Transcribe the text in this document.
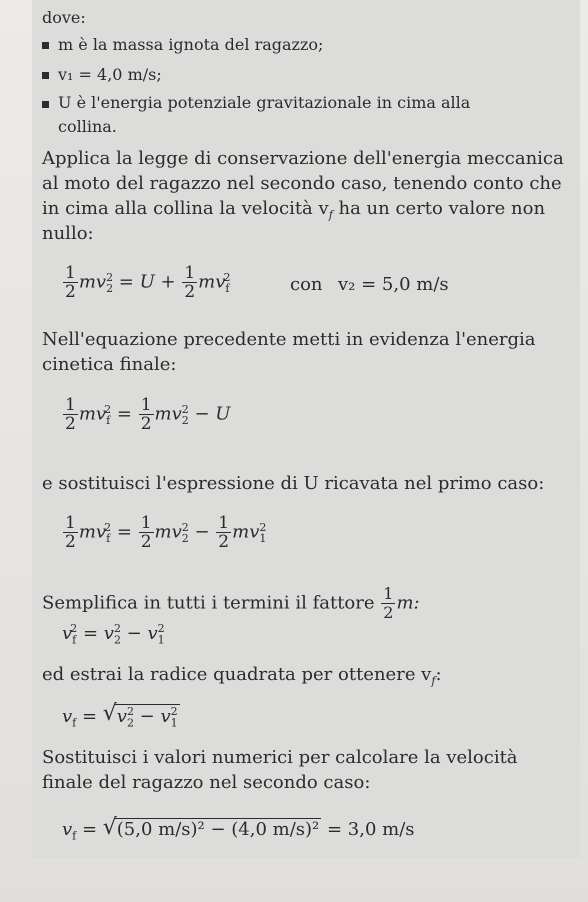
dove:
m è la massa ignota del ragazzo;
v₁ = 4,0 m/s;
U è l'energia potenziale gravitazionale in cima alla
collina.
Applica la legge di conservazione dell'energia meccanica
al moto del ragazzo nel secondo caso, tenendo conto che
in cima alla collina la velocità $v_f$ ha un certo valore non
nullo:
$\frac{1}{2} mv_2^2 = U + \frac{1}{2} mv_f^2$	con v₂ = 5,0 m/s
Nell'equazione precedente metti in evidenza l'energia
cinetica finale:
$\frac{1}{2} mv_f^2 = \frac{1}{2} mv_2^2 - U$
e sostituisci l'espressione di U ricavata nel primo caso:
$\frac{1}{2} mv_f^2 = \frac{1}{2} mv_2^2 - \frac{1}{2} mv_1^2$
Semplifica in tutti i termini il fattore $\frac{1}{2} m$:
$v_f^2 = v_2^2 - v_1^2$
ed estrai la radice quadrata per ottenere $v_f$:
$v_f$ = √ $v_2^2 - v_1^2$
Sostituisci i valori numerici per calcolare la velocità
finale del ragazzo nel secondo caso:
$v_f$ = √ (5,0 m/s)² − (4,0 m/s)² = 3,0 m/s
